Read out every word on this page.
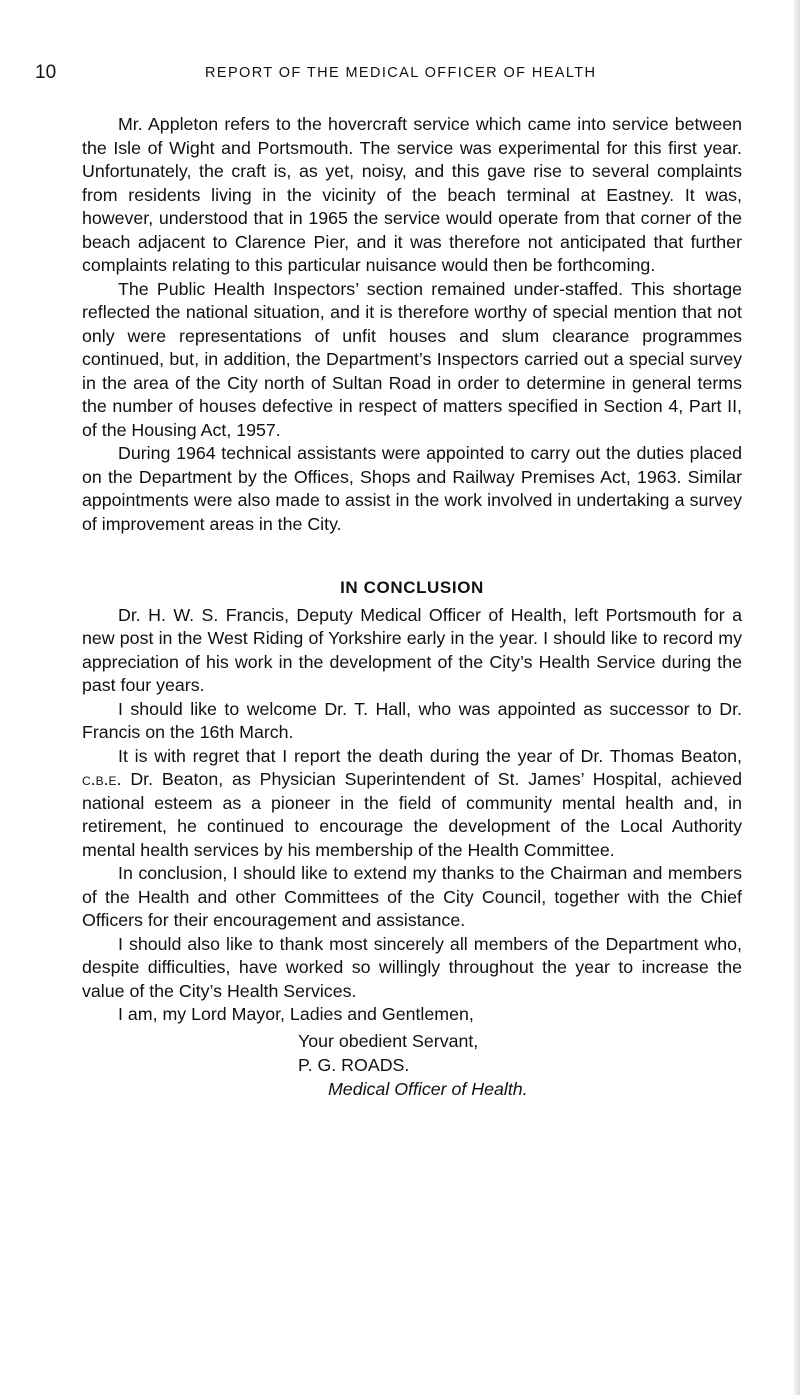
10	REPORT OF THE MEDICAL OFFICER OF HEALTH

Mr. Appleton refers to the hovercraft service which came into service between the Isle of Wight and Portsmouth. The service was experimental for this first year. Unfortunately, the craft is, as yet, noisy, and this gave rise to several complaints from residents living in the vicinity of the beach terminal at Eastney. It was, however, understood that in 1965 the service would operate from that corner of the beach adjacent to Clarence Pier, and it was therefore not anticipated that further complaints relating to this particular nuisance would then be forthcoming.

The Public Health Inspectors’ section remained under-staffed. This shortage reflected the national situation, and it is therefore worthy of special mention that not only were representations of unfit houses and slum clearance programmes continued, but, in addition, the Department’s Inspectors carried out a special survey in the area of the City north of Sultan Road in order to determine in general terms the number of houses defective in respect of matters specified in Section 4, Part II, of the Housing Act, 1957.

During 1964 technical assistants were appointed to carry out the duties placed on the Department by the Offices, Shops and Railway Premises Act, 1963. Similar appointments were also made to assist in the work involved in undertaking a survey of improvement areas in the City.

IN CONCLUSION

Dr. H. W. S. Francis, Deputy Medical Officer of Health, left Portsmouth for a new post in the West Riding of Yorkshire early in the year. I should like to record my appreciation of his work in the development of the City’s Health Service during the past four years.

I should like to welcome Dr. T. Hall, who was appointed as successor to Dr. Francis on the 16th March.

It is with regret that I report the death during the year of Dr. Thomas Beaton, c.b.e. Dr. Beaton, as Physician Superintendent of St. James’ Hospital, achieved national esteem as a pioneer in the field of community mental health and, in retirement, he continued to encourage the development of the Local Authority mental health services by his membership of the Health Committee.

In conclusion, I should like to extend my thanks to the Chairman and members of the Health and other Committees of the City Council, together with the Chief Officers for their encouragement and assistance.

I should also like to thank most sincerely all members of the Department who, despite difficulties, have worked so willingly throughout the year to increase the value of the City’s Health Services.

I am, my Lord Mayor, Ladies and Gentlemen,

Your obedient Servant,
P. G. ROADS.
Medical Officer of Health.
